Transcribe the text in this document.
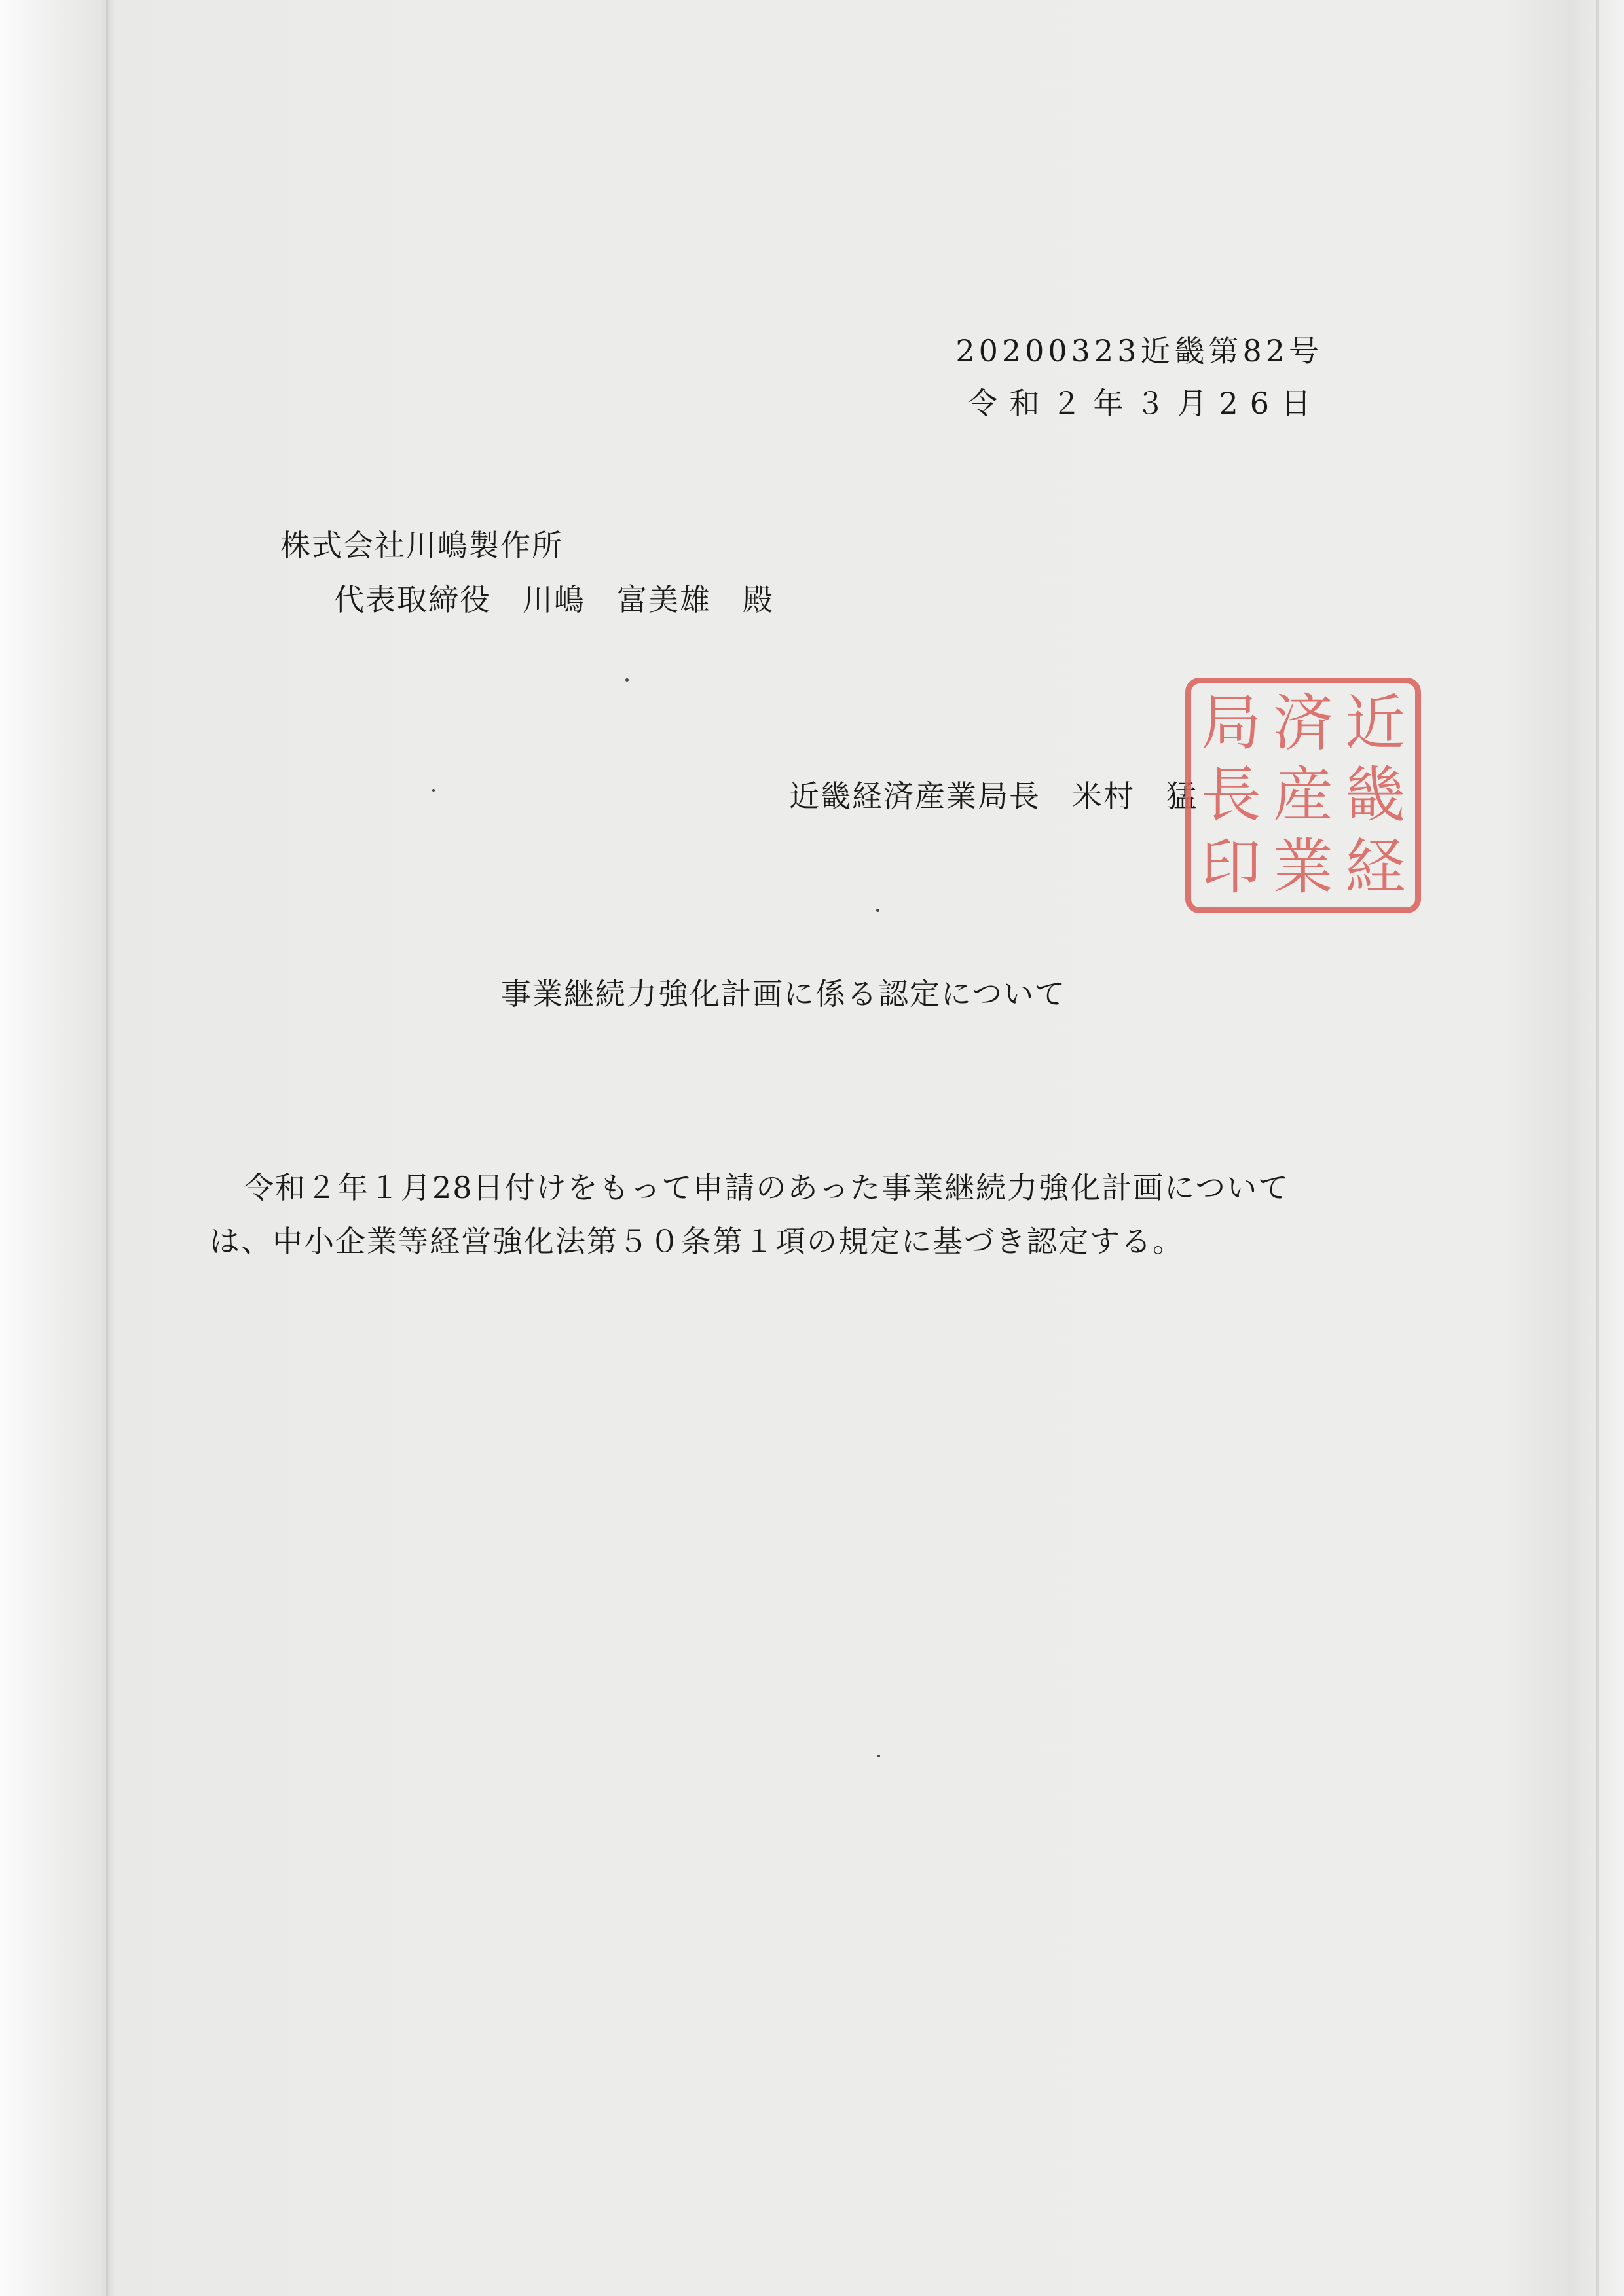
20200323近畿第82号
令和２年３月26日
株式会社川嶋製作所
代表取締役　川嶋　富美雄　殿
近畿経済産業局長　米村　猛
近
畿
経
済
産
業
局
長
印
事業継続力強化計画に係る認定について
令和２年１月28日付けをもって申請のあった事業継続力強化計画について
は、中小企業等経営強化法第５０条第１項の規定に基づき認定する。
